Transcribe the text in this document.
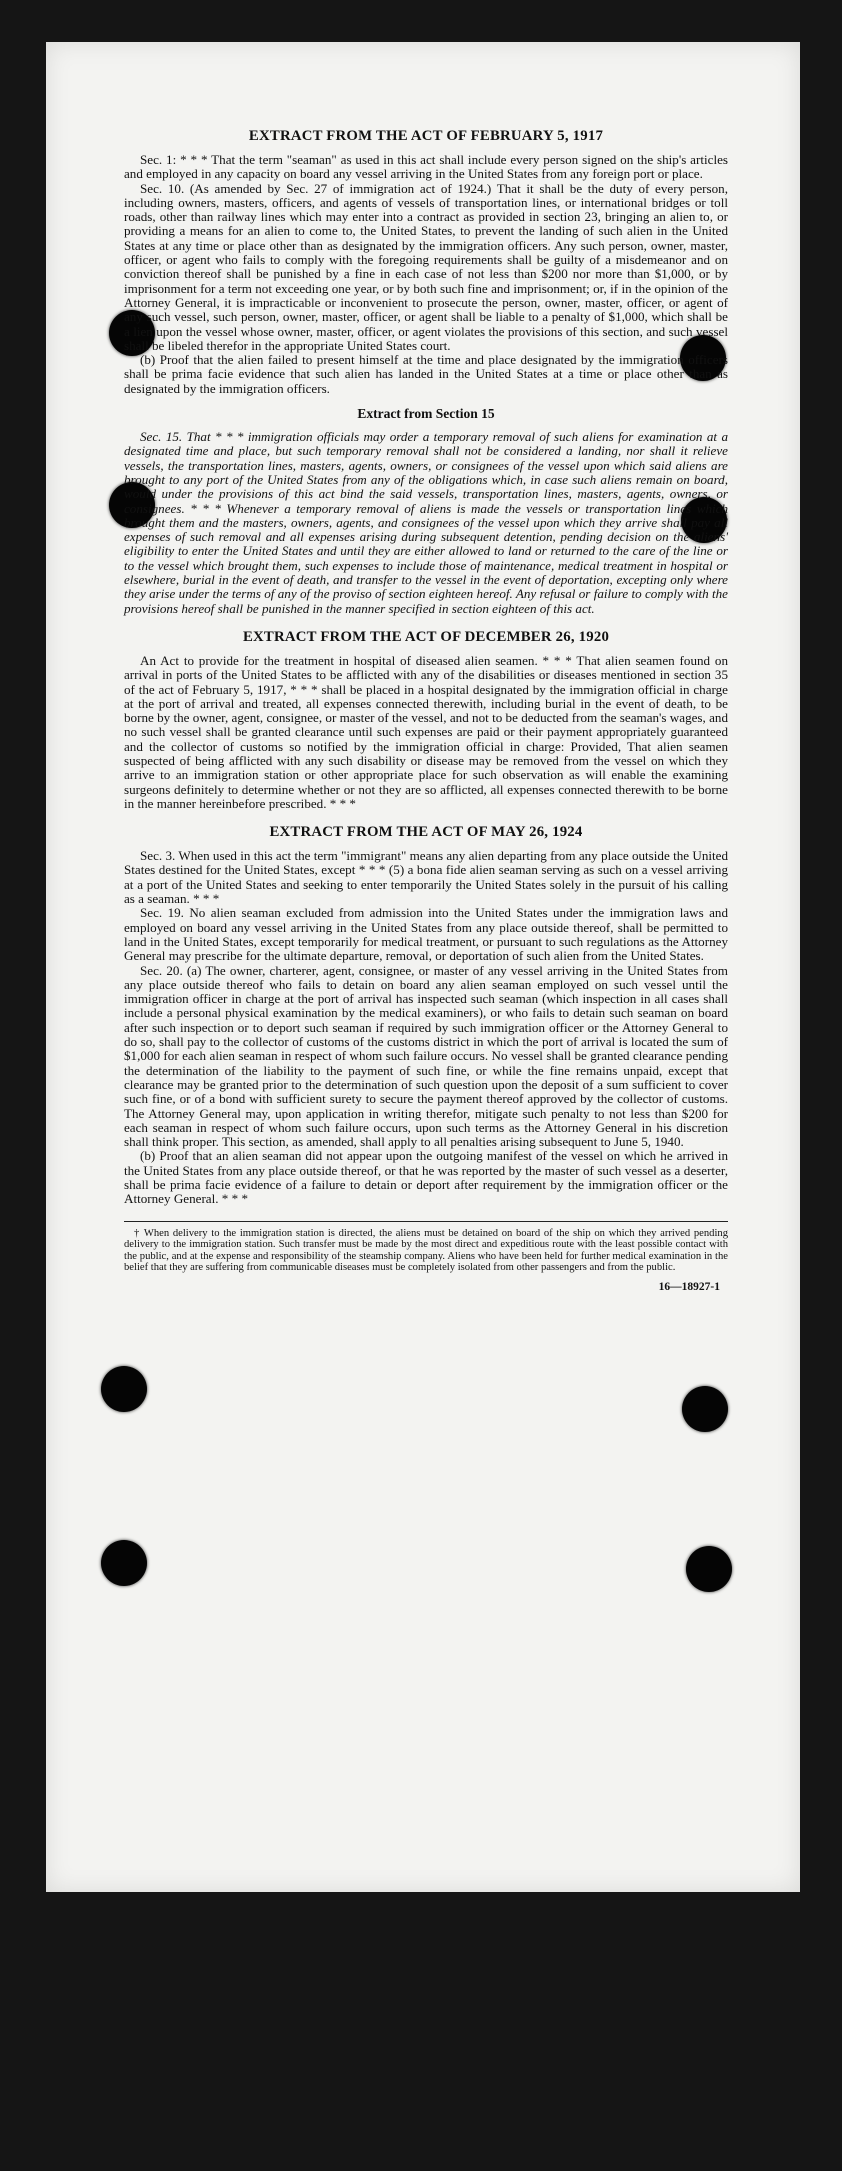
EXTRACT FROM THE ACT OF FEBRUARY 5, 1917

Sec. 1: * * * That the term "seaman" as used in this act shall include every person signed on the ship's articles and employed in any capacity on board any vessel arriving in the United States from any foreign port or place.

Sec. 10. (As amended by Sec. 27 of immigration act of 1924.) That it shall be the duty of every person, including owners, masters, officers, and agents of vessels of transportation lines, or international bridges or toll roads, other than railway lines which may enter into a contract as provided in section 23, bringing an alien to, or providing a means for an alien to come to, the United States, to prevent the landing of such alien in the United States at any time or place other than as designated by the immigration officers. Any such person, owner, master, officer, or agent who fails to comply with the foregoing requirements shall be guilty of a misdemeanor and on conviction thereof shall be punished by a fine in each case of not less than $200 nor more than $1,000, or by imprisonment for a term not exceeding one year, or by both such fine and imprisonment; or, if in the opinion of the Attorney General, it is impracticable or inconvenient to prosecute the person, owner, master, officer, or agent of any such vessel, such person, owner, master, officer, or agent shall be liable to a penalty of $1,000, which shall be a lien upon the vessel whose owner, master, officer, or agent violates the provisions of this section, and such vessel shall be libeled therefor in the appropriate United States court.

(b) Proof that the alien failed to present himself at the time and place designated by the immigration officers shall be prima facie evidence that such alien has landed in the United States at a time or place other than as designated by the immigration officers.

Extract from Section 15

Sec. 15. That * * * immigration officials may order a temporary removal of such aliens for examination at a designated time and place, but such temporary removal shall not be considered a landing, nor shall it relieve vessels, the transportation lines, masters, agents, owners, or consignees of the vessel upon which said aliens are brought to any port of the United States from any of the obligations which, in case such aliens remain on board, would under the provisions of this act bind the said vessels, transportation lines, masters, agents, owners, or consignees. * * * Whenever a temporary removal of aliens is made the vessels or transportation lines which brought them and the masters, owners, agents, and consignees of the vessel upon which they arrive shall pay all expenses of such removal and all expenses arising during subsequent detention, pending decision on the aliens' eligibility to enter the United States and until they are either allowed to land or returned to the care of the line or to the vessel which brought them, such expenses to include those of maintenance, medical treatment in hospital or elsewhere, burial in the event of death, and transfer to the vessel in the event of deportation, excepting only where they arise under the terms of any of the proviso of section eighteen hereof. Any refusal or failure to comply with the provisions hereof shall be punished in the manner specified in section eighteen of this act.

EXTRACT FROM THE ACT OF DECEMBER 26, 1920

An Act to provide for the treatment in hospital of diseased alien seamen. * * * That alien seamen found on arrival in ports of the United States to be afflicted with any of the disabilities or diseases mentioned in section 35 of the act of February 5, 1917, * * * shall be placed in a hospital designated by the immigration official in charge at the port of arrival and treated, all expenses connected therewith, including burial in the event of death, to be borne by the owner, agent, consignee, or master of the vessel, and not to be deducted from the seaman's wages, and no such vessel shall be granted clearance until such expenses are paid or their payment appropriately guaranteed and the collector of customs so notified by the immigration official in charge: Provided, That alien seamen suspected of being afflicted with any such disability or disease may be removed from the vessel on which they arrive to an immigration station or other appropriate place for such observation as will enable the examining surgeons definitely to determine whether or not they are so afflicted, all expenses connected therewith to be borne in the manner hereinbefore prescribed. * * *

EXTRACT FROM THE ACT OF MAY 26, 1924

Sec. 3. When used in this act the term "immigrant" means any alien departing from any place outside the United States destined for the United States, except * * * (5) a bona fide alien seaman serving as such on a vessel arriving at a port of the United States and seeking to enter temporarily the United States solely in the pursuit of his calling as a seaman. * * *

Sec. 19. No alien seaman excluded from admission into the United States under the immigration laws and employed on board any vessel arriving in the United States from any place outside thereof, shall be permitted to land in the United States, except temporarily for medical treatment, or pursuant to such regulations as the Attorney General may prescribe for the ultimate departure, removal, or deportation of such alien from the United States.

Sec. 20. (a) The owner, charterer, agent, consignee, or master of any vessel arriving in the United States from any place outside thereof who fails to detain on board any alien seaman employed on such vessel until the immigration officer in charge at the port of arrival has inspected such seaman (which inspection in all cases shall include a personal physical examination by the medical examiners), or who fails to detain such seaman on board after such inspection or to deport such seaman if required by such immigration officer or the Attorney General to do so, shall pay to the collector of customs of the customs district in which the port of arrival is located the sum of $1,000 for each alien seaman in respect of whom such failure occurs. No vessel shall be granted clearance pending the determination of the liability to the payment of such fine, or while the fine remains unpaid, except that clearance may be granted prior to the determination of such question upon the deposit of a sum sufficient to cover such fine, or of a bond with sufficient surety to secure the payment thereof approved by the collector of customs. The Attorney General may, upon application in writing therefor, mitigate such penalty to not less than $200 for each seaman in respect of whom such failure occurs, upon such terms as the Attorney General in his discretion shall think proper. This section, as amended, shall apply to all penalties arising subsequent to June 5, 1940.

(b) Proof that an alien seaman did not appear upon the outgoing manifest of the vessel on which he arrived in the United States from any place outside thereof, or that he was reported by the master of such vessel as a deserter, shall be prima facie evidence of a failure to detain or deport after requirement by the immigration officer or the Attorney General. * * *

† When delivery to the immigration station is directed, the aliens must be detained on board of the ship on which they arrived pending delivery to the immigration station. Such transfer must be made by the most direct and expeditious route with the least possible contact with the public, and at the expense and responsibility of the steamship company. Aliens who have been held for further medical examination in the belief that they are suffering from communicable diseases must be completely isolated from other passengers and from the public.

16—18927-1
